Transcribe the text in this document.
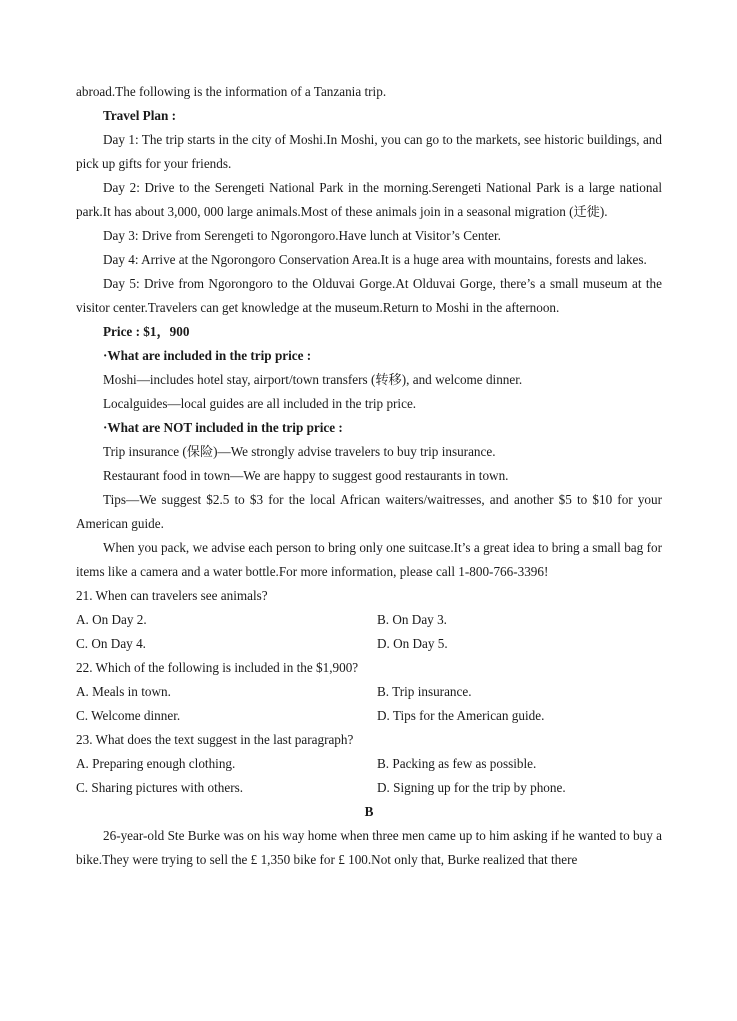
abroad.The following is the information of a Tanzania trip.

Travel Plan :

Day 1: The trip starts in the city of Moshi.In Moshi, you can go to the markets, see historic buildings, and pick up gifts for your friends.

Day 2: Drive to the Serengeti National Park in the morning.Serengeti National Park is a large national park.It has about 3,000, 000 large animals.Most of these animals join in a seasonal migration (迁徙).

Day 3: Drive from Serengeti to Ngorongoro.Have lunch at Visitor’s Center.

Day 4: Arrive at the Ngorongoro Conservation Area.It is a huge area with mountains, forests and lakes.

Day 5: Drive from Ngorongoro to the Olduvai Gorge.At Olduvai Gorge, there’s a small museum at the visitor center.Travelers can get knowledge at the museum.Return to Moshi in the afternoon.

Price : $1，900

·What are included in the trip price :

Moshi—includes hotel stay, airport/town transfers (转移), and welcome dinner.

Localguides—local guides are all included in the trip price.

·What are NOT included in the trip price :

Trip insurance (保险)—We strongly advise travelers to buy trip insurance.

Restaurant food in town—We are happy to suggest good restaurants in town.

Tips—We suggest $2.5 to $3 for the local African waiters/waitresses, and another $5 to $10 for your American guide.

When you pack, we advise each person to bring only one suitcase.It’s a great idea to bring a small bag for items like a camera and a water bottle.For more information, please call 1-800-766-3396!

21. When can travelers see animals?

A. On Day 2.	B. On Day 3.
C. On Day 4.	D. On Day 5.

22. Which of the following is included in the $1,900?

A. Meals in town.	B. Trip insurance.
C. Welcome dinner.	D. Tips for the American guide.

23. What does the text suggest in the last paragraph?

A. Preparing enough clothing.	B. Packing as few as possible.
C. Sharing pictures with others.	D. Signing up for the trip by phone.

B

26-year-old Ste Burke was on his way home when three men came up to him asking if he wanted to buy a bike.They were trying to sell the £ 1,350 bike for £ 100.Not only that, Burke realized that there
